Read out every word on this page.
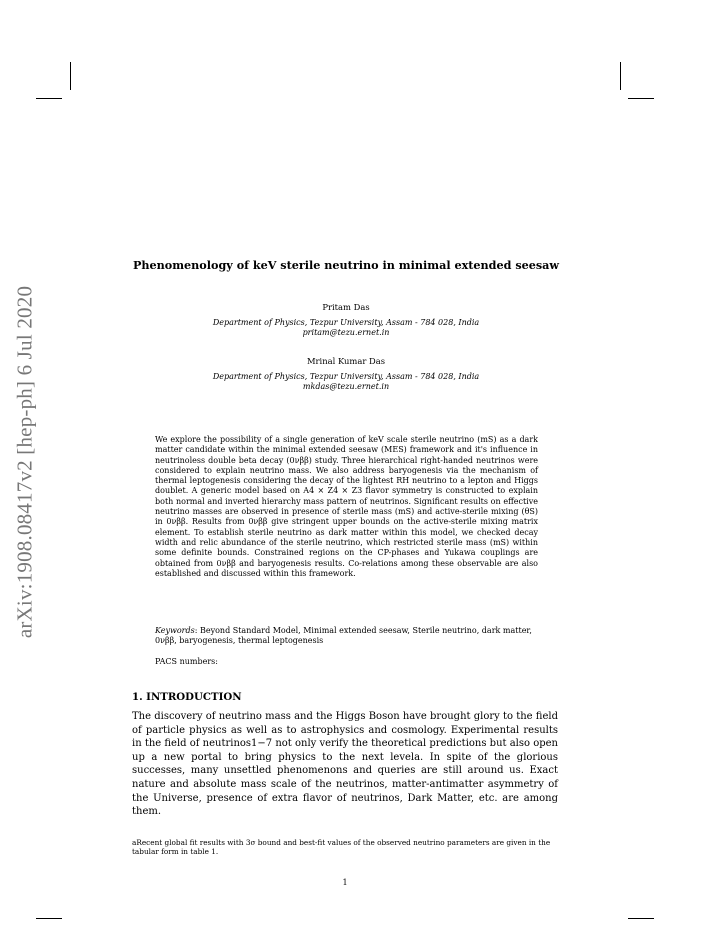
arXiv:1908.08417v2 [hep-ph] 6 Jul 2020
Phenomenology of keV sterile neutrino in minimal extended seesaw
Pritam Das
Department of Physics, Tezpur University, Assam - 784 028, India
pritam@tezu.ernet.in
Mrinal Kumar Das
Department of Physics, Tezpur University, Assam - 784 028, India
mkdas@tezu.ernet.in

We explore the possibility of a single generation of keV scale sterile neutrino (mS) as a dark matter candidate within the minimal extended seesaw (MES) framework and it's influence in neutrinoless double beta decay (0νββ) study. Three hierarchical right-handed neutrinos were considered to explain neutrino mass. We also address baryogenesis via the mechanism of thermal leptogenesis considering the decay of the lightest RH neutrino to a lepton and Higgs doublet. A generic model based on A4 × Z4 × Z3 flavor symmetry is constructed to explain both normal and inverted hierarchy mass pattern of neutrinos. Significant results on effective neutrino masses are observed in presence of sterile mass (mS) and active-sterile mixing (θS) in 0νββ. Results from 0νββ give stringent upper bounds on the active-sterile mixing matrix element. To establish sterile neutrino as dark matter within this model, we checked decay width and relic abundance of the sterile neutrino, which restricted sterile mass (mS) within some definite bounds. Constrained regions on the CP-phases and Yukawa couplings are obtained from 0νββ and baryogenesis results. Co-relations among these observable are also established and discussed within this framework.

Keywords: Beyond Standard Model, Minimal extended seesaw, Sterile neutrino, dark matter, 0νββ, baryogenesis, thermal leptogenesis

PACS numbers:
1. INTRODUCTION

The discovery of neutrino mass and the Higgs Boson have brought glory to the field of particle physics as well as to astrophysics and cosmology. Experimental results in the field of neutrinos1−7 not only verify the theoretical predictions but also open up a new portal to bring physics to the next levela. In spite of the glorious successes, many unsettled phenomenons and queries are still around us. Exact nature and absolute mass scale of the neutrinos, matter-antimatter asymmetry of the Universe, presence of extra flavor of neutrinos, Dark Matter, etc. are among them.

aRecent global fit results with 3σ bound and best-fit values of the observed neutrino parameters are given in the tabular form in table 1.

1
